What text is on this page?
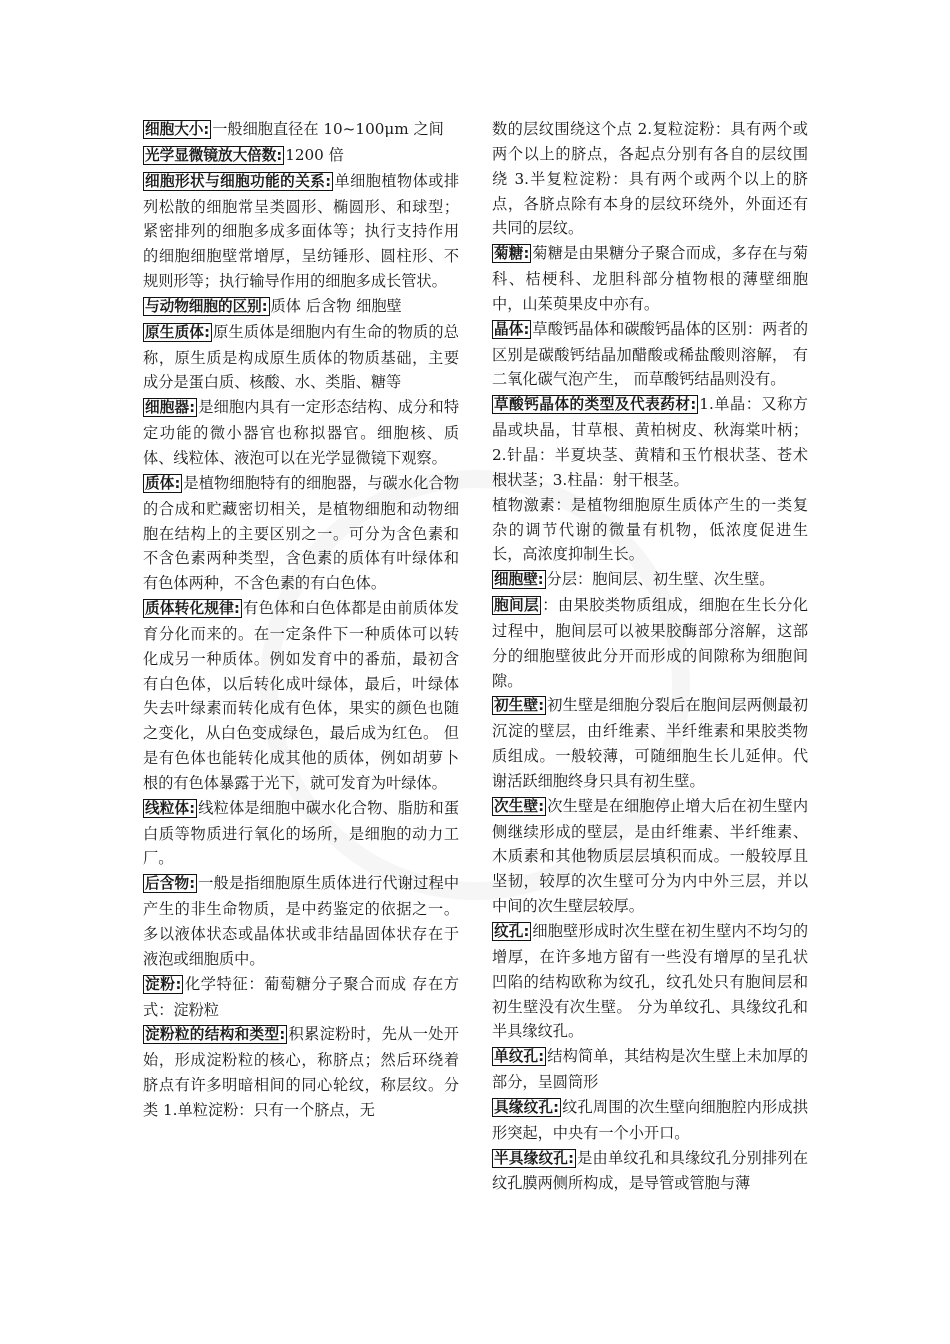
细胞大小: 一般细胞直径在 10~100μm 之间

光学显微镜放大倍数: 1200 倍

细胞形状与细胞功能的关系: 单细胞植物体或排列松散的细胞常呈类圆形、椭圆形、和球型；紧密排列的细胞多成多面体等；执行支持作用的细胞细胞壁常增厚，呈纺锤形、圆柱形、不规则形等；执行输导作用的细胞多成长管状。

与动物细胞的区别: 质体 后含物 细胞壁

原生质体: 原生质体是细胞内有生命的物质的总称，原生质是构成原生质体的物质基础，主要成分是蛋白质、核酸、水、类脂、糖等

细胞器: 是细胞内具有一定形态结构、成分和特定功能的微小器官也称拟器官。细胞核、质体、线粒体、液泡可以在光学显微镜下观察。

质体: 是植物细胞特有的细胞器，与碳水化合物的合成和贮藏密切相关，是植物细胞和动物细胞在结构上的主要区别之一。可分为含色素和不含色素两种类型，含色素的质体有叶绿体和有色体两种，不含色素的有白色体。

质体转化规律: 有色体和白色体都是由前质体发育分化而来的。在一定条件下一种质体可以转化成另一种质体。例如发育中的番茄，最初含有白色体，以后转化成叶绿体，最后，叶绿体失去叶绿素而转化成有色体，果实的颜色也随之变化，从白色变成绿色，最后成为红色。 但是有色体也能转化成其他的质体，例如胡萝卜根的有色体暴露于光下，就可发育为叶绿体。

线粒体: 线粒体是细胞中碳水化合物、脂肪和蛋白质等物质进行氧化的场所，是细胞的动力工厂。

后含物: 一般是指细胞原生质体进行代谢过程中产生的非生命物质，是中药鉴定的依据之一。多以液体状态或晶体状或非结晶固体状存在于液泡或细胞质中。

淀粉: 化学特征：葡萄糖分子聚合而成 存在方式：淀粉粒

淀粉粒的结构和类型: 积累淀粉时，先从一处开始，形成淀粉粒的核心，称脐点；然后环绕着脐点有许多明暗相间的同心轮纹，称层纹。分类 1.单粒淀粉：只有一个脐点，无

数的层纹围绕这个点 2.复粒淀粉：具有两个或两个以上的脐点，各起点分别有各自的层纹围绕 3.半复粒淀粉：具有两个或两个以上的脐点，各脐点除有本身的层纹环绕外，外面还有共同的层纹。

菊糖: 菊糖是由果糖分子聚合而成，多存在与菊科、桔梗科、龙胆科部分植物根的薄壁细胞中，山茱萸果皮中亦有。

晶体: 草酸钙晶体和碳酸钙晶体的区别：两者的区别是碳酸钙结晶加醋酸或稀盐酸则溶解， 有二氧化碳气泡产生， 而草酸钙结晶则没有。

草酸钙晶体的类型及代表药材: 1.单晶：又称方晶或块晶，甘草根、黄柏树皮、秋海棠叶柄；2.针晶：半夏块茎、黄精和玉竹根状茎、苍术根状茎；3.柱晶：射干根茎。

植物激素：是植物细胞原生质体产生的一类复杂的调节代谢的微量有机物，低浓度促进生长，高浓度抑制生长。

细胞壁: 分层：胞间层、初生壁、次生壁。

胞间层 ：由果胶类物质组成，细胞在生长分化过程中，胞间层可以被果胶酶部分溶解，这部分的细胞壁彼此分开而形成的间隙称为细胞间隙。

初生壁: 初生壁是细胞分裂后在胞间层两侧最初沉淀的壁层，由纤维素、半纤维素和果胶类物质组成。一般较薄，可随细胞生长儿延伸。代谢活跃细胞终身只具有初生壁。

次生壁: 次生壁是在细胞停止增大后在初生壁内侧继续形成的壁层，是由纤维素、半纤维素、木质素和其他物质层层填积而成。一般较厚且坚韧，较厚的次生壁可分为内中外三层，并以中间的次生壁层较厚。

纹孔: 细胞壁形成时次生壁在初生壁内不均匀的增厚，在许多地方留有一些没有增厚的呈孔状凹陷的结构欧称为纹孔，纹孔处只有胞间层和初生壁没有次生壁。 分为单纹孔、具缘纹孔和半具缘纹孔。

单纹孔: 结构简单，其结构是次生壁上未加厚的部分，呈圆筒形

具缘纹孔: 纹孔周围的次生壁向细胞腔内形成拱形突起，中央有一个小开口。

半具缘纹孔: 是由单纹孔和具缘纹孔分别排列在纹孔膜两侧所构成，是导管或管胞与薄
